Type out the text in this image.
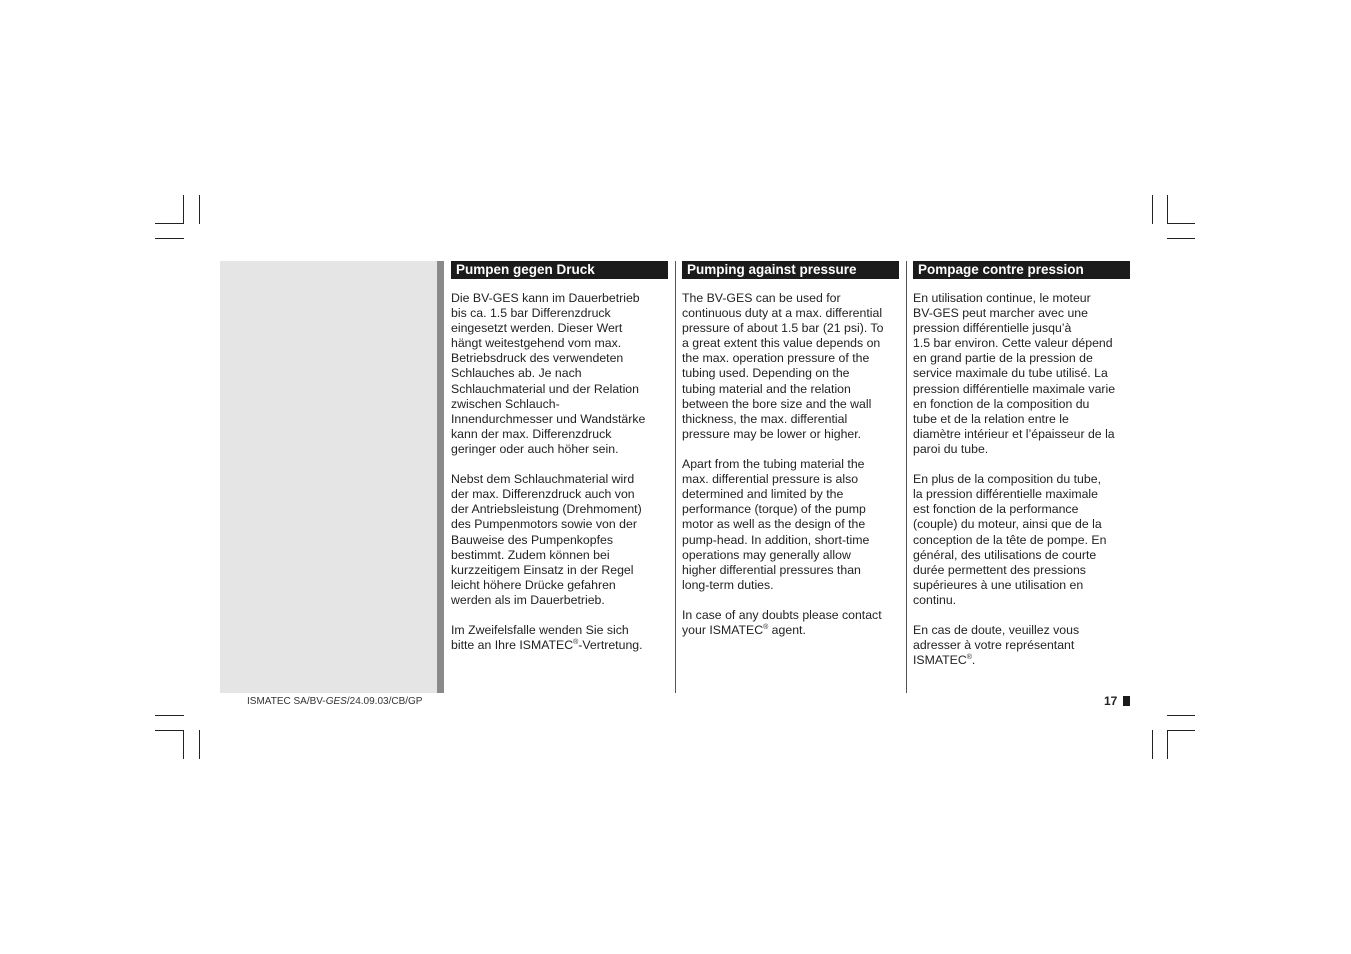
Pumpen gegen Druck

Die BV-GES kann im Dauerbetrieb
bis ca. 1.5 bar Differenzdruck
eingesetzt werden. Dieser Wert
hängt weitestgehend vom max.
Betriebsdruck des verwendeten
Schlauches ab. Je nach
Schlauchmaterial und der Relation
zwischen Schlauch-
Innendurchmesser und Wandstärke
kann der max. Differenzdruck
geringer oder auch höher sein.

Nebst dem Schlauchmaterial wird
der max. Differenzdruck auch von
der Antriebsleistung (Drehmoment)
des Pumpenmotors sowie von der
Bauweise des Pumpenkopfes
bestimmt. Zudem können bei
kurzzeitigem Einsatz in der Regel
leicht höhere Drücke gefahren
werden als im Dauerbetrieb.

Im Zweifelsfalle wenden Sie sich
bitte an Ihre ISMATEC®-Vertretung.

Pumping against pressure

The BV-GES can be used for
continuous duty at a max. differential
pressure of about 1.5 bar (21 psi). To
a great extent this value depends on
the max. operation pressure of the
tubing used. Depending on the
tubing material and the relation
between the bore size and the wall
thickness, the max. differential
pressure may be lower or higher.

Apart from the tubing material the
max. differential pressure is also
determined and limited by the
performance (torque) of the pump
motor as well as the design of the
pump-head. In addition, short-time
operations may generally allow
higher differential pressures than
long-term duties.

In case of any doubts please contact
your ISMATEC® agent.

Pompage contre pression

En utilisation continue, le moteur
BV-GES peut marcher avec une
pression différentielle jusqu’à
1.5 bar environ. Cette valeur dépend
en grand partie de la pression de
service maximale du tube utilisé. La
pression différentielle maximale varie
en fonction de la composition du
tube et de la relation entre le
diamètre intérieur et l’épaisseur de la
paroi du tube.

En plus de la composition du tube,
la pression différentielle maximale
est fonction de la performance
(couple) du moteur, ainsi que de la
conception de la tête de pompe. En
général, des utilisations de courte
durée permettent des pressions
supérieures à une utilisation en
continu.

En cas de doute, veuillez vous
adresser à votre représentant
ISMATEC®.

ISMATEC SA/BV-GES/24.09.03/CB/GP	17
